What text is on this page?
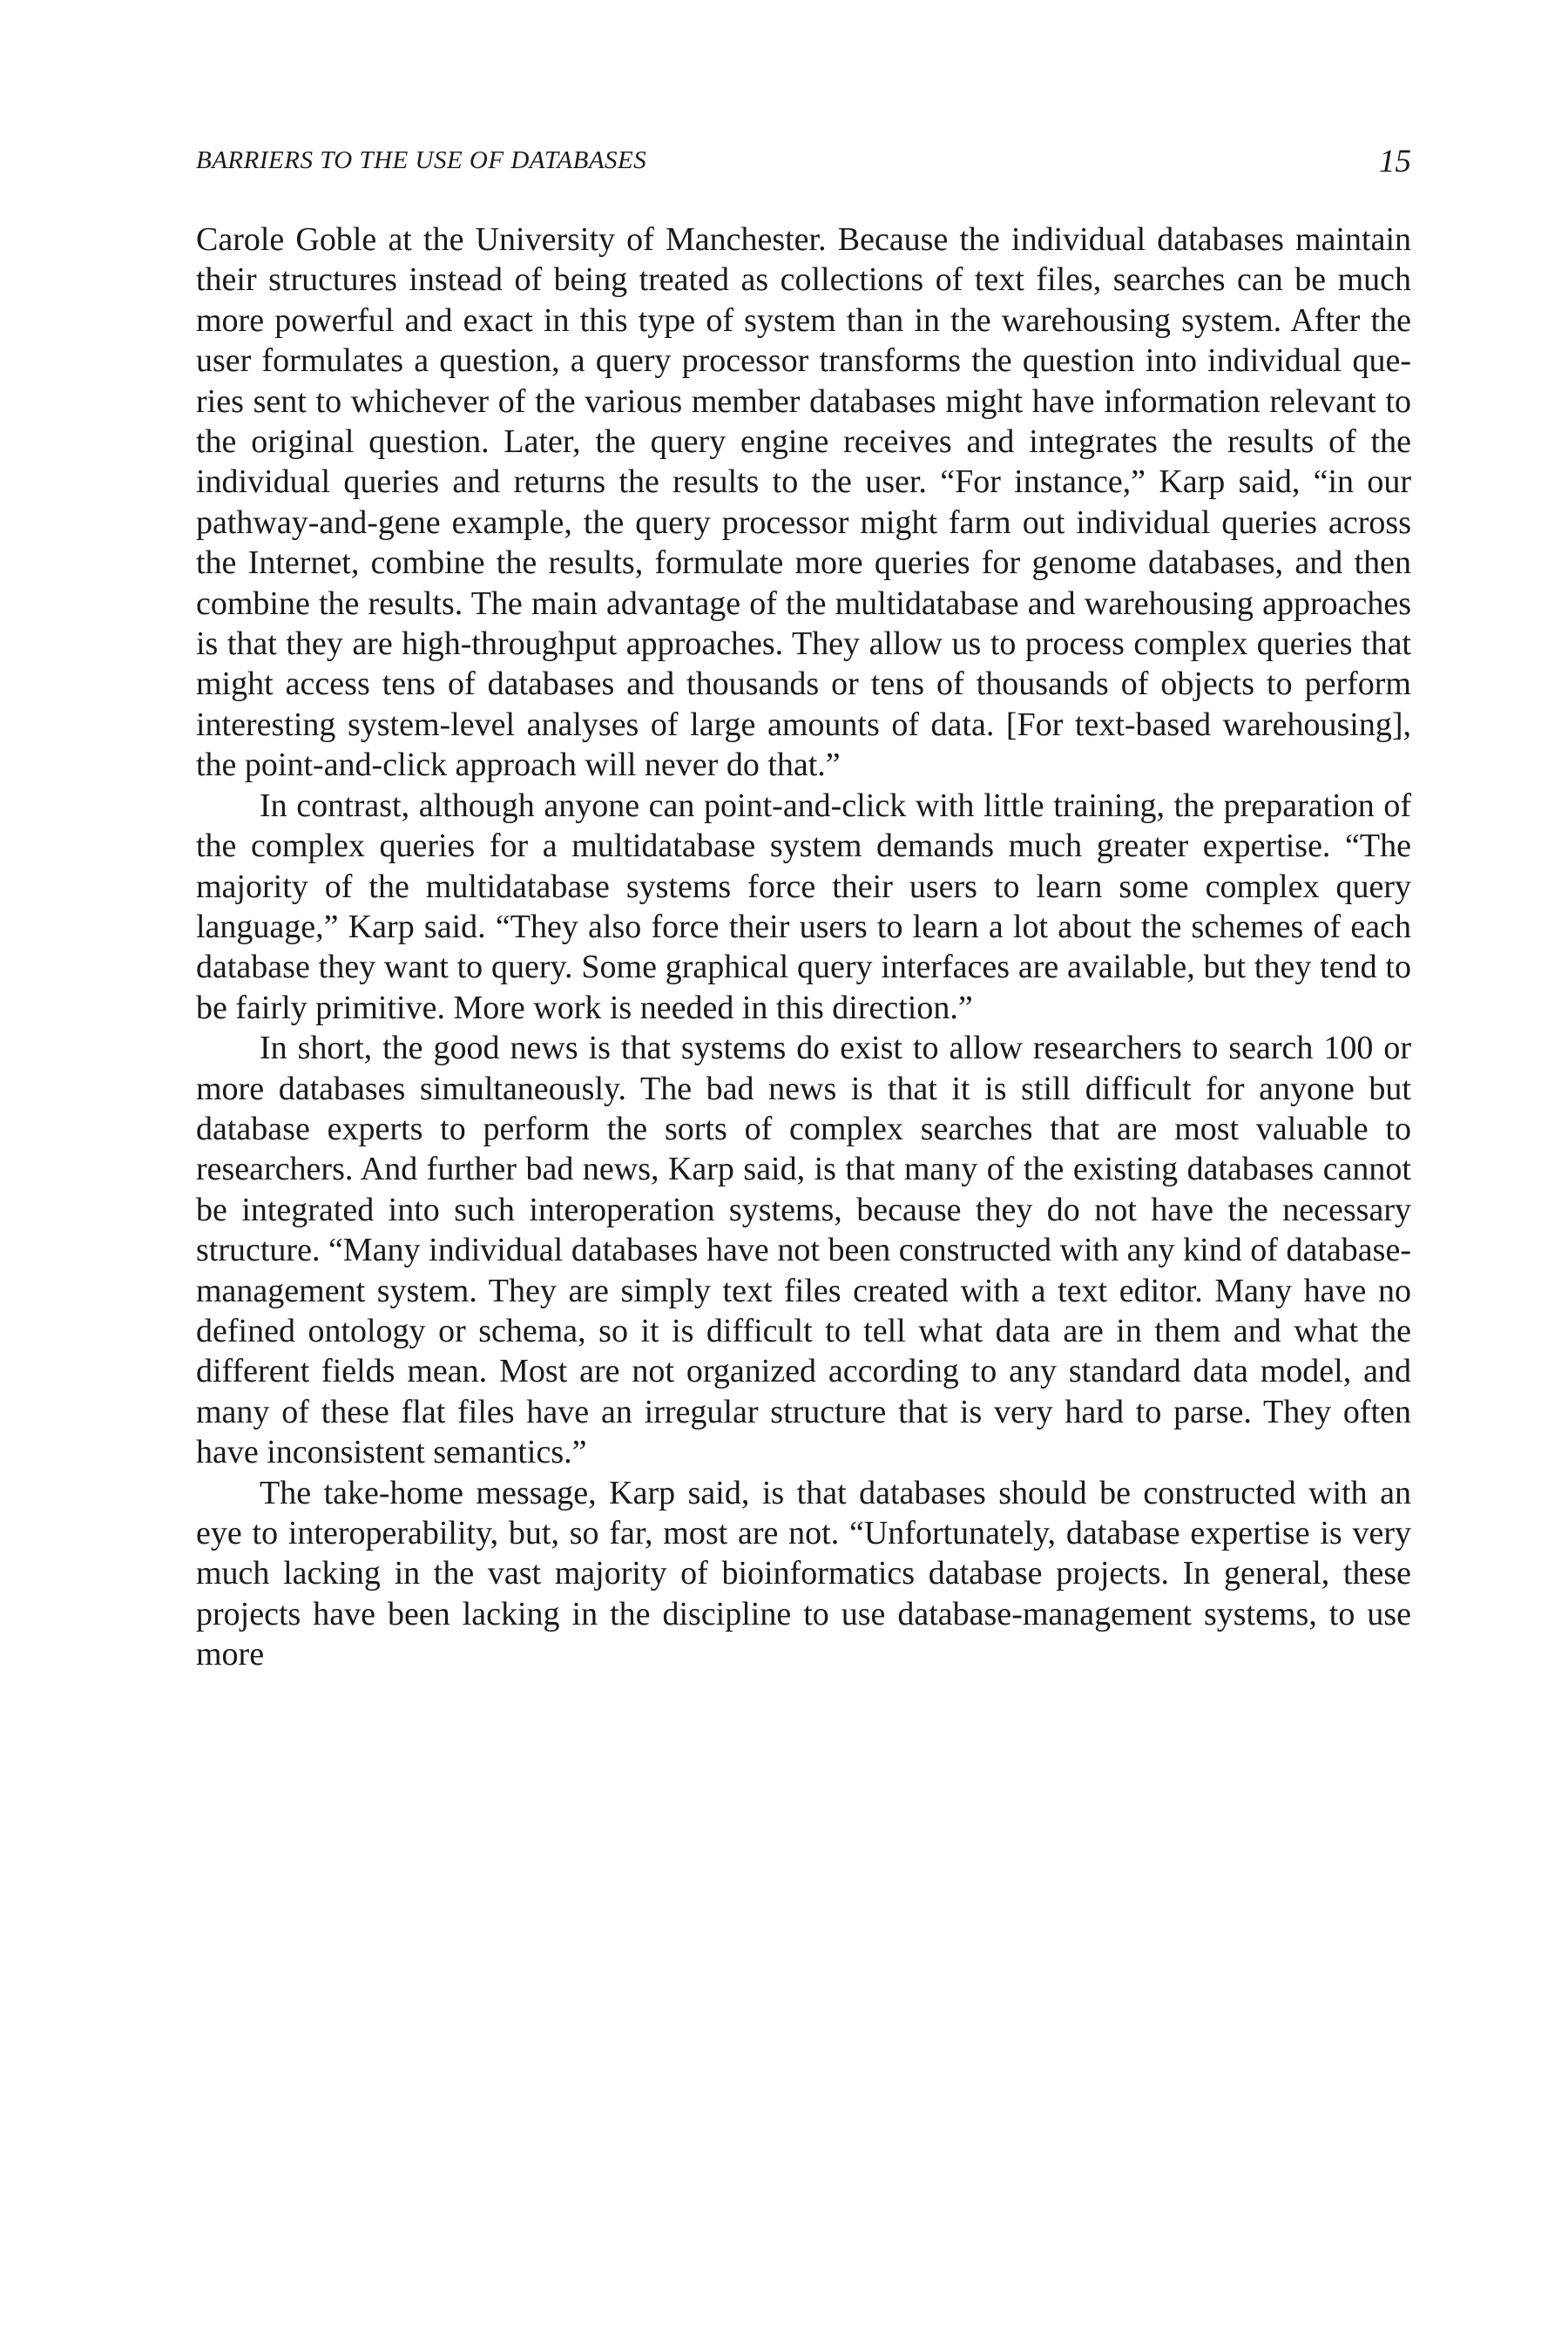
BARRIERS TO THE USE OF DATABASES	15

Carole Goble at the University of Manchester. Because the individual databases maintain their structures instead of being treated as collections of text files, searches can be much more powerful and exact in this type of system than in the warehousing system. After the user formulates a question, a query processor transforms the question into individual queries sent to whichever of the various member databases might have information relevant to the original question. Later, the query engine receives and integrates the results of the individual queries and returns the results to the user. “For instance,” Karp said, “in our pathway-and-gene example, the query processor might farm out individual queries across the Internet, combine the results, formulate more queries for genome databases, and then combine the results. The main advantage of the multidatabase and warehousing approaches is that they are high-throughput approaches. They allow us to process complex queries that might access tens of databases and thousands or tens of thousands of objects to perform interesting system-level analyses of large amounts of data. [For text-based warehousing], the point-and-click approach will never do that.”

In contrast, although anyone can point-and-click with little training, the preparation of the complex queries for a multidatabase system demands much greater expertise. “The majority of the multidatabase systems force their users to learn some complex query language,” Karp said. “They also force their users to learn a lot about the schemes of each database they want to query. Some graphical query interfaces are available, but they tend to be fairly primitive. More work is needed in this direction.”

In short, the good news is that systems do exist to allow researchers to search 100 or more databases simultaneously. The bad news is that it is still difficult for anyone but database experts to perform the sorts of complex searches that are most valuable to researchers. And further bad news, Karp said, is that many of the existing databases cannot be integrated into such interoperation systems, because they do not have the necessary structure. “Many individual databases have not been constructed with any kind of database-management system. They are simply text files created with a text editor. Many have no defined ontology or schema, so it is difficult to tell what data are in them and what the different fields mean. Most are not organized according to any standard data model, and many of these flat files have an irregular structure that is very hard to parse. They often have inconsistent semantics.”

The take-home message, Karp said, is that databases should be constructed with an eye to interoperability, but, so far, most are not. “Unfortunately, database expertise is very much lacking in the vast majority of bioinformatics database projects. In general, these projects have been lacking in the discipline to use database-management systems, to use more
